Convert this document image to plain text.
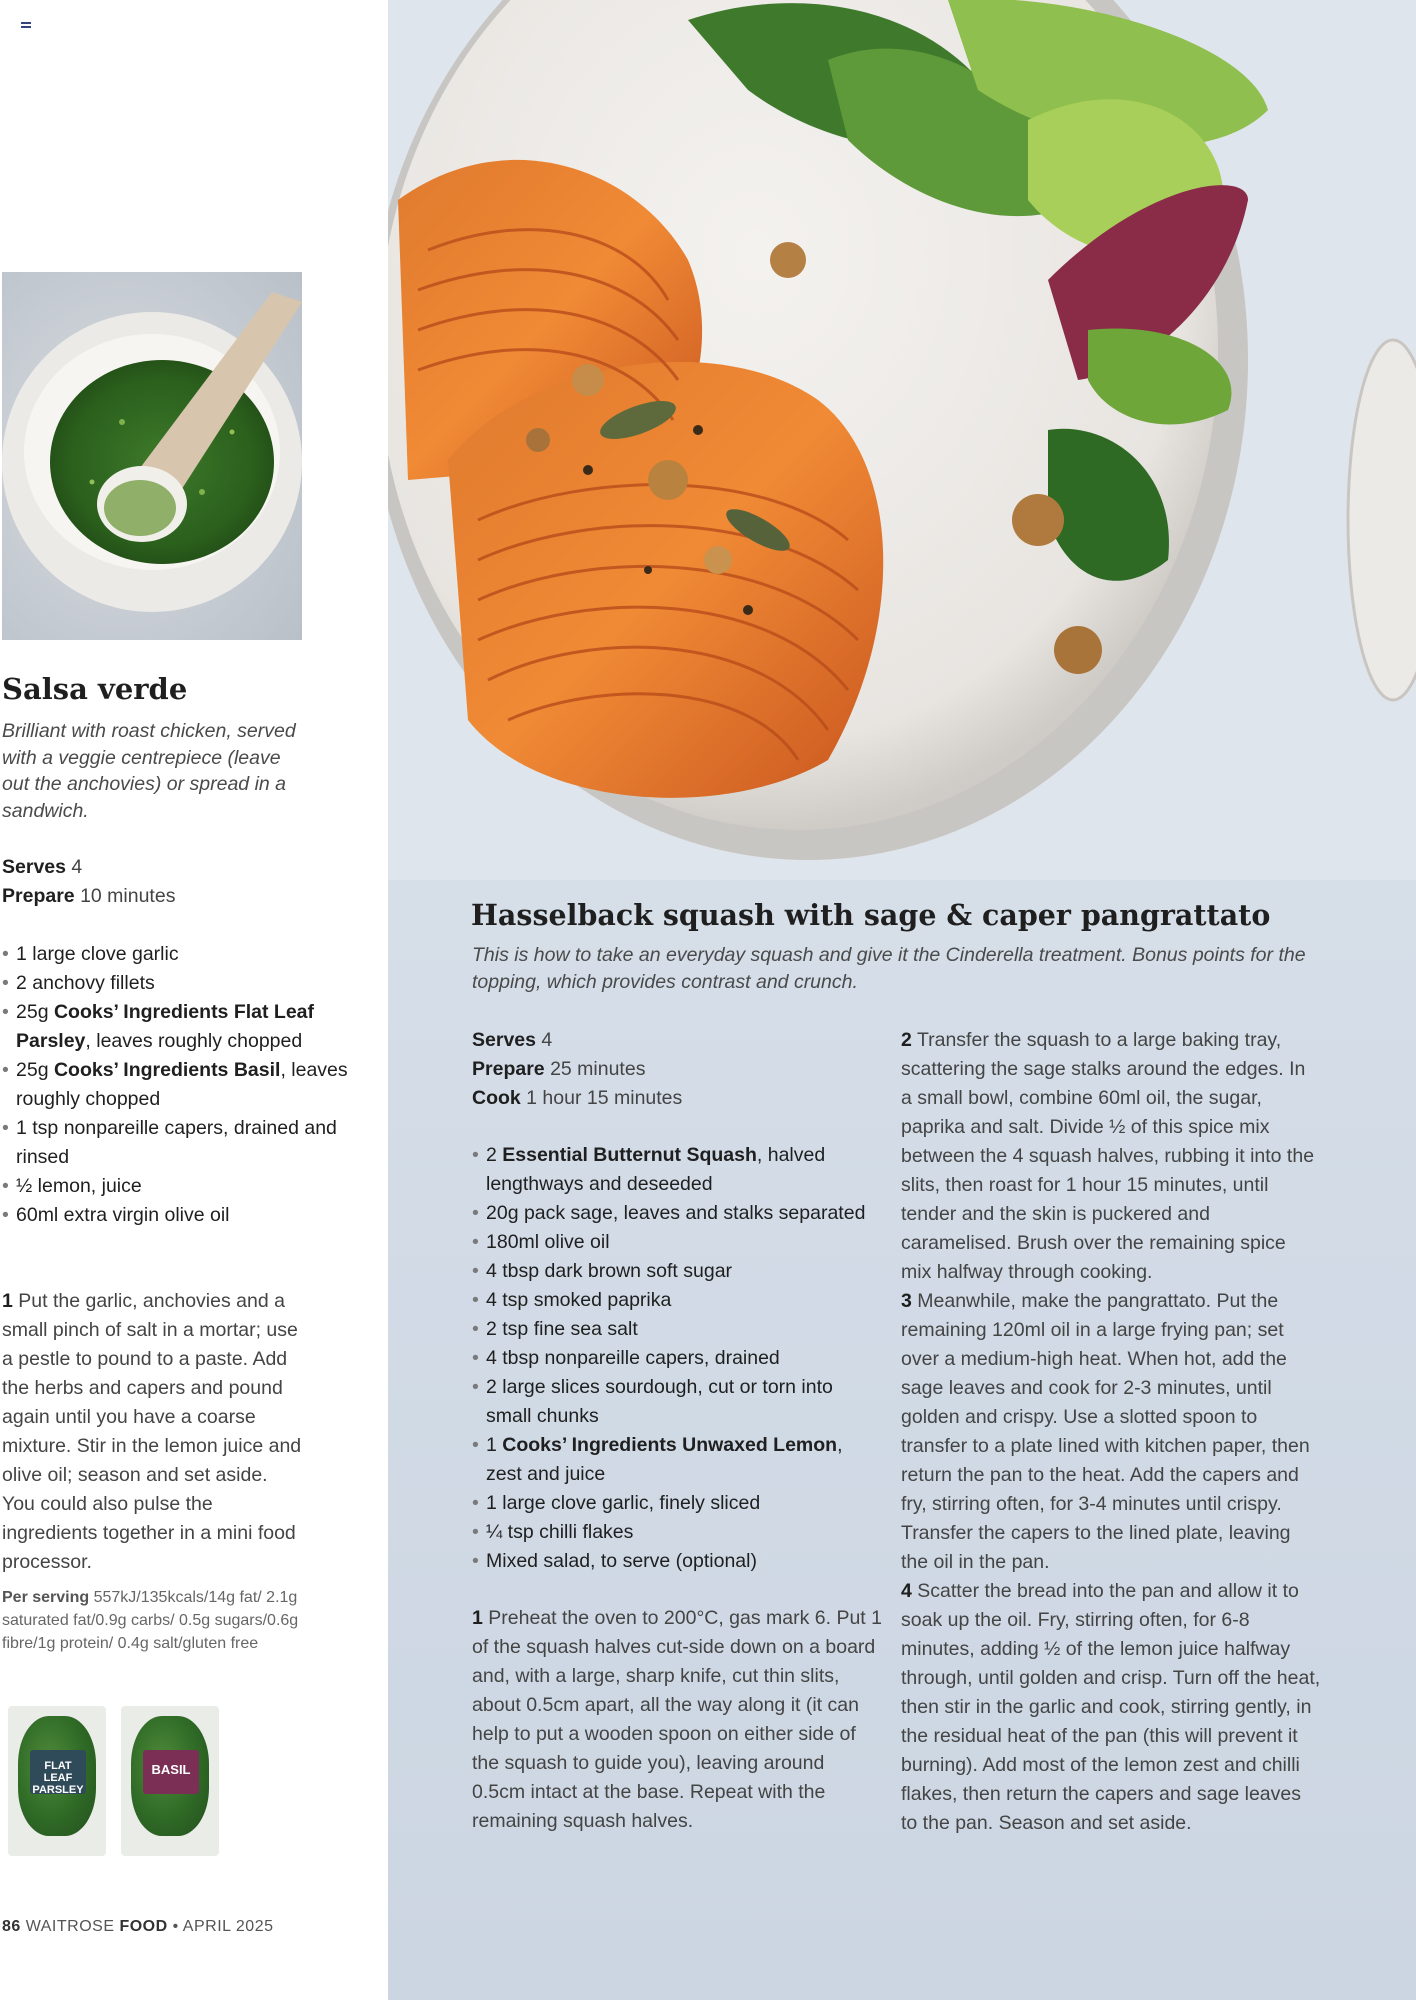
Salsa verde
Brilliant with roast chicken, served with a veggie centrepiece (leave out the anchovies) or spread in a sandwich.
Serves 4
Prepare 10 minutes
• 1 large clove garlic
• 2 anchovy fillets
• 25g Cooks’ Ingredients Flat Leaf Parsley, leaves roughly chopped
• 25g Cooks’ Ingredients Basil, leaves roughly chopped
• 1 tsp nonpareille capers, drained and rinsed
• ½ lemon, juice
• 60ml extra virgin olive oil
1 Put the garlic, anchovies and a small pinch of salt in a mortar; use a pestle to pound to a paste. Add the herbs and capers and pound again until you have a coarse mixture. Stir in the lemon juice and olive oil; season and set aside. You could also pulse the ingredients together in a mini food processor.
Per serving 557kJ/135kcals/14g fat/ 2.1g saturated fat/0.9g carbs/ 0.5g sugars/0.6g fibre/1g protein/ 0.4g salt/gluten free
FLAT LEAF PARSLEY
BASIL
86 WAITROSE FOOD • APRIL 2025
Hasselback squash with sage & caper pangrattato
This is how to take an everyday squash and give it the Cinderella treatment. Bonus points for the topping, which provides contrast and crunch.
Serves 4
Prepare 25 minutes
Cook 1 hour 15 minutes
• 2 Essential Butternut Squash, halved lengthways and deseeded
• 20g pack sage, leaves and stalks separated
• 180ml olive oil
• 4 tbsp dark brown soft sugar
• 4 tsp smoked paprika
• 2 tsp fine sea salt
• 4 tbsp nonpareille capers, drained
• 2 large slices sourdough, cut or torn into small chunks
• 1 Cooks’ Ingredients Unwaxed Lemon, zest and juice
• 1 large clove garlic, finely sliced
• ¼ tsp chilli flakes
• Mixed salad, to serve (optional)

1 Preheat the oven to 200°C, gas mark 6. Put 1 of the squash halves cut-side down on a board and, with a large, sharp knife, cut thin slits, about 0.5cm apart, all the way along it (it can help to put a wooden spoon on either side of the squash to guide you), leaving around 0.5cm intact at the base. Repeat with the remaining squash halves.

2 Transfer the squash to a large baking tray, scattering the sage stalks around the edges. In a small bowl, combine 60ml oil, the sugar, paprika and salt. Divide ½ of this spice mix between the 4 squash halves, rubbing it into the slits, then roast for 1 hour 15 minutes, until tender and the skin is puckered and caramelised. Brush over the remaining spice mix halfway through cooking.

3 Meanwhile, make the pangrattato. Put the remaining 120ml oil in a large frying pan; set over a medium-high heat. When hot, add the sage leaves and cook for 2-3 minutes, until golden and crispy. Use a slotted spoon to transfer to a plate lined with kitchen paper, then return the pan to the heat. Add the capers and fry, stirring often, for 3-4 minutes until crispy. Transfer the capers to the lined plate, leaving the oil in the pan.

4 Scatter the bread into the pan and allow it to soak up the oil. Fry, stirring often, for 6-8 minutes, adding ½ of the lemon juice halfway through, until golden and crisp. Turn off the heat, then stir in the garlic and cook, stirring gently, in the residual heat of the pan (this will prevent it burning). Add most of the lemon zest and chilli flakes, then return the capers and sage leaves to the pan. Season and set aside.
